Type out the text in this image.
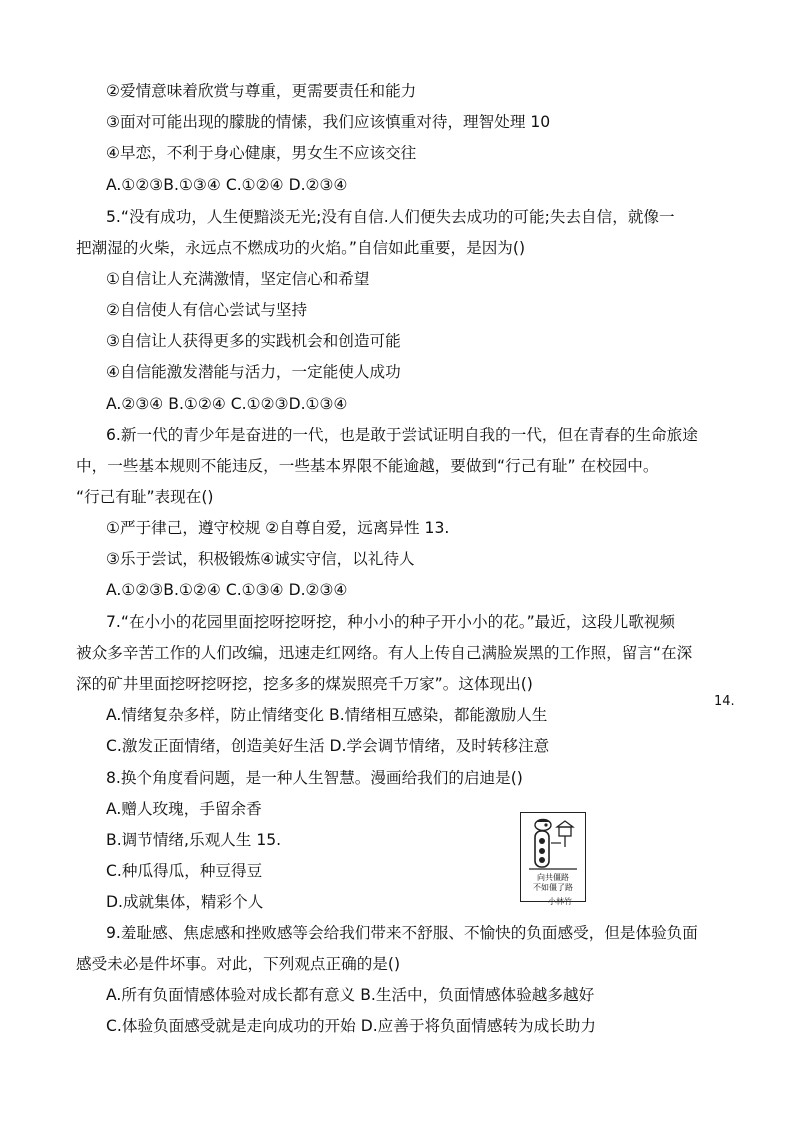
②爱情意味着欣赏与尊重，更需要责任和能力
③面对可能出现的朦胧的情愫，我们应该慎重对待，理智处理 10
④早恋，不利于身心健康，男女生不应该交往
A.①②③B.①③④ C.①②④ D.②③④
5.“没有成功，人生便黯淡无光;没有自信.人们便失去成功的可能;失去自信，就像一
把潮湿的火柴，永远点不燃成功的火焰。”自信如此重要，是因为()
①自信让人充满激情，坚定信心和希望
②自信使人有信心尝试与坚持
③自信让人获得更多的实践机会和创造可能
④自信能激发潜能与活力，一定能使人成功
A.②③④ B.①②④ C.①②③D.①③④
6.新一代的青少年是奋进的一代，也是敢于尝试证明自我的一代，但在青春的生命旅途
中，一些基本规则不能违反，一些基本界限不能逾越，要做到“行己有耻” 在校园中。
“行己有耻”表现在()
①严于律己，遵守校规 ②自尊自爱，远离异性 13.
③乐于尝试，积极锻炼④诚实守信，以礼待人
A.①②③B.①②④ C.①③④ D.②③④
7.“在小小的花园里面挖呀挖呀挖，种小小的种子开小小的花。”最近，这段儿歌视频
被众多辛苦工作的人们改编，迅速走红网络。有人上传自己满脸炭黑的工作照，留言“在深
深的矿井里面挖呀挖呀挖，挖多多的煤炭照亮千万家”。这体现出()
A.情绪复杂多样，防止情绪变化 B.情绪相互感染，都能激励人生
C.激发正面情绪，创造美好生活 D.学会调节情绪，及时转移注意
8.换个角度看问题，是一种人生智慧。漫画给我们的启迪是()
A.赠人玫瑰，手留余香
B.调节情绪,乐观人生 15.
C.种瓜得瓜，种豆得豆
D.成就集体，精彩个人
9.羞耻感、焦虑感和挫败感等会给我们带来不舒服、不愉快的负面感受，但是体验负面
感受未必是件坏事。对此，下列观点正确的是()
A.所有负面情感体验对成长都有意义 B.生活中，负面情感体验越多越好
C.体验负面感受就是走向成功的开始 D.应善于将负面情感转为成长助力
14.
向共僵路
不如僵了路
小林竹
